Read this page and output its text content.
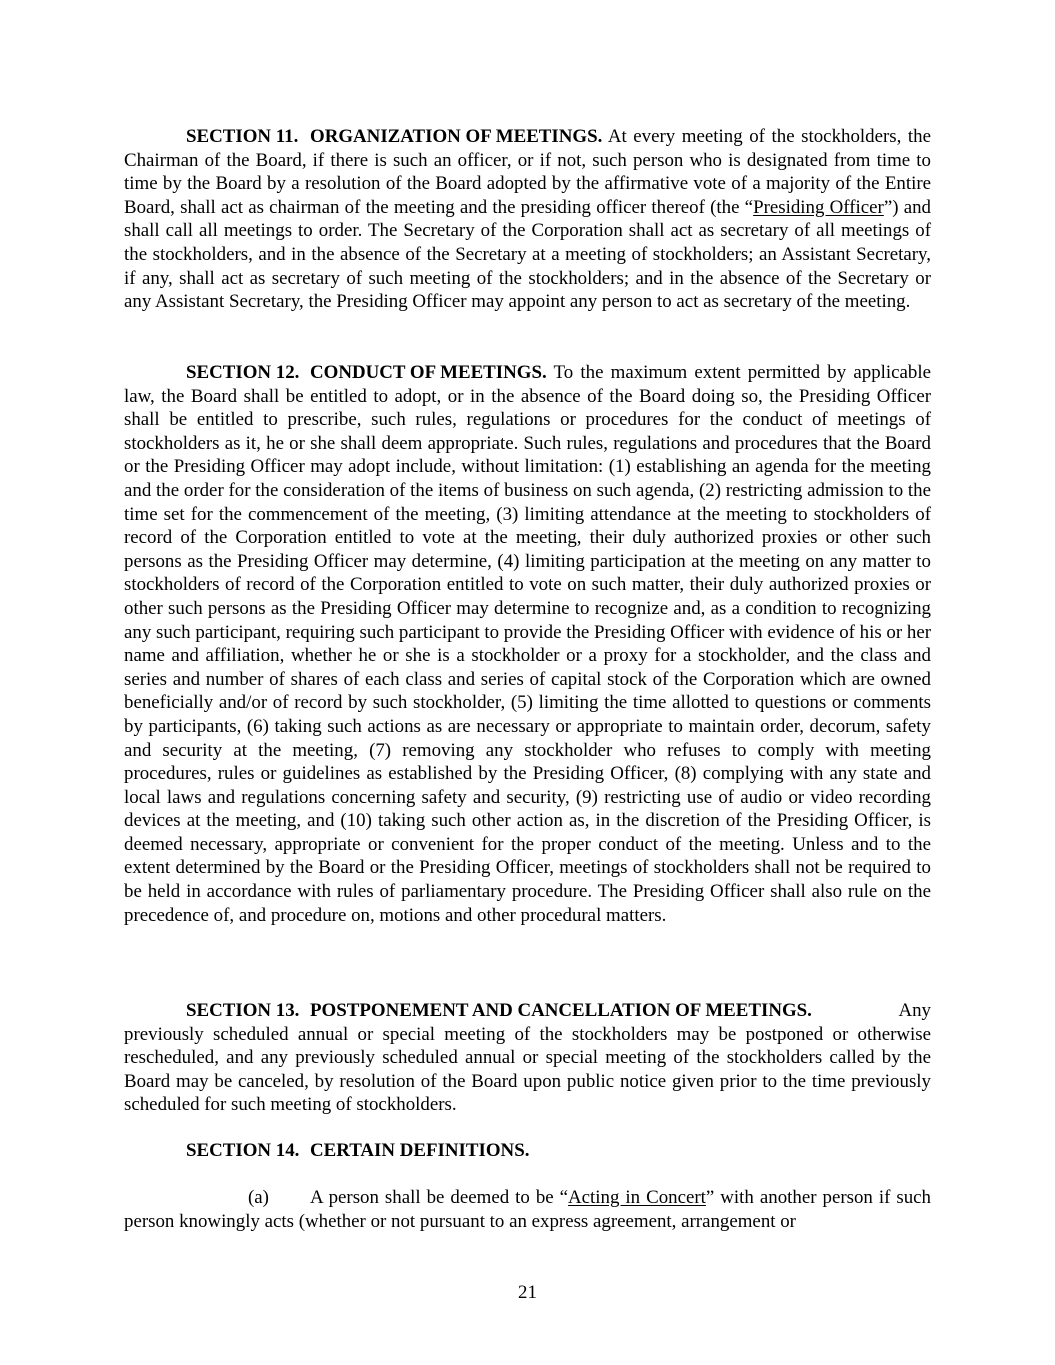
SECTION 11. ORGANIZATION OF MEETINGS. At every meeting of the stockholders, the Chairman of the Board, if there is such an officer, or if not, such person who is designated from time to time by the Board by a resolution of the Board adopted by the affirmative vote of a majority of the Entire Board, shall act as chairman of the meeting and the presiding officer thereof (the “Presiding Officer”) and shall call all meetings to order. The Secretary of the Corporation shall act as secretary of all meetings of the stockholders, and in the absence of the Secretary at a meeting of stockholders; an Assistant Secretary, if any, shall act as secretary of such meeting of the stockholders; and in the absence of the Secretary or any Assistant Secretary, the Presiding Officer may appoint any person to act as secretary of the meeting.

SECTION 12. CONDUCT OF MEETINGS. To the maximum extent permitted by applicable law, the Board shall be entitled to adopt, or in the absence of the Board doing so, the Presiding Officer shall be entitled to prescribe, such rules, regulations or procedures for the conduct of meetings of stockholders as it, he or she shall deem appropriate. Such rules, regulations and procedures that the Board or the Presiding Officer may adopt include, without limitation: (1) establishing an agenda for the meeting and the order for the consideration of the items of business on such agenda, (2) restricting admission to the time set for the commencement of the meeting, (3) limiting attendance at the meeting to stockholders of record of the Corporation entitled to vote at the meeting, their duly authorized proxies or other such persons as the Presiding Officer may determine, (4) limiting participation at the meeting on any matter to stockholders of record of the Corporation entitled to vote on such matter, their duly authorized proxies or other such persons as the Presiding Officer may determine to recognize and, as a condition to recognizing any such participant, requiring such participant to provide the Presiding Officer with evidence of his or her name and affiliation, whether he or she is a stockholder or a proxy for a stockholder, and the class and series and number of shares of each class and series of capital stock of the Corporation which are owned beneficially and/or of record by such stockholder, (5) limiting the time allotted to questions or comments by participants, (6) taking such actions as are necessary or appropriate to maintain order, decorum, safety and security at the meeting, (7) removing any stockholder who refuses to comply with meeting procedures, rules or guidelines as established by the Presiding Officer, (8) complying with any state and local laws and regulations concerning safety and security, (9) restricting use of audio or video recording devices at the meeting, and (10) taking such other action as, in the discretion of the Presiding Officer, is deemed necessary, appropriate or convenient for the proper conduct of the meeting. Unless and to the extent determined by the Board or the Presiding Officer, meetings of stockholders shall not be required to be held in accordance with rules of parliamentary procedure. The Presiding Officer shall also rule on the precedence of, and procedure on, motions and other procedural matters.

SECTION 13. POSTPONEMENT AND CANCELLATION OF MEETINGS.	Any previously scheduled annual or special meeting of the stockholders may be postponed or otherwise rescheduled, and any previously scheduled annual or special meeting of the stockholders called by the Board may be canceled, by resolution of the Board upon public notice given prior to the time previously scheduled for such meeting of stockholders.

SECTION 14. CERTAIN DEFINITIONS.

(a) A person shall be deemed to be “Acting in Concert” with another person if such person knowingly acts (whether or not pursuant to an express agreement, arrangement or

21
